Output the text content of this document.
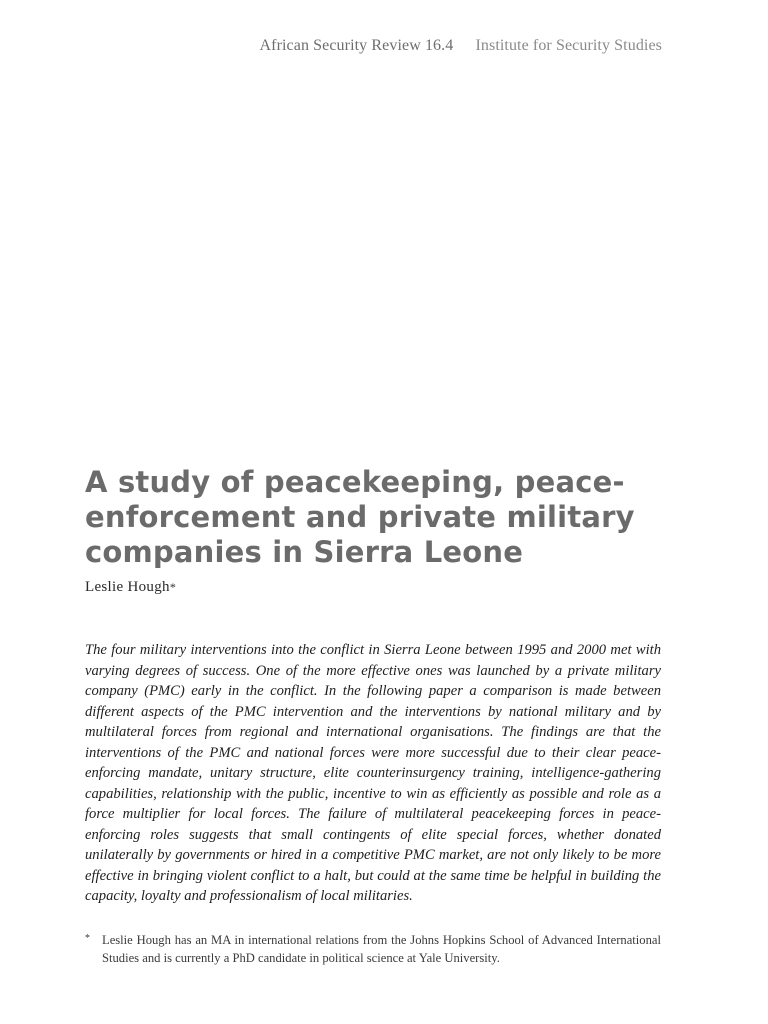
African Security Review 16.4 Institute for Security Studies
A study of peacekeeping, peace-enforcement and private military companies in Sierra Leone
Leslie Hough*

The four military interventions into the conflict in Sierra Leone between 1995 and 2000 met with varying degrees of success. One of the more effective ones was launched by a private military company (PMC) early in the conflict. In the following paper a comparison is made between different aspects of the PMC intervention and the interventions by national military and by multilateral forces from regional and international organisations. The findings are that the interventions of the PMC and national forces were more successful due to their clear peace-enforcing mandate, unitary structure, elite counterinsurgency training, intelligence-gathering capabilities, relationship with the public, incentive to win as efficiently as possible and role as a force multiplier for local forces. The failure of multilateral peacekeeping forces in peace-enforcing roles suggests that small contingents of elite special forces, whether donated unilaterally by governments or hired in a competitive PMC market, are not only likely to be more effective in bringing violent conflict to a halt, but could at the same time be helpful in building the capacity, loyalty and professionalism of local militaries.

* Leslie Hough has an MA in international relations from the Johns Hopkins School of Advanced International Studies and is currently a PhD candidate in political science at Yale University.
